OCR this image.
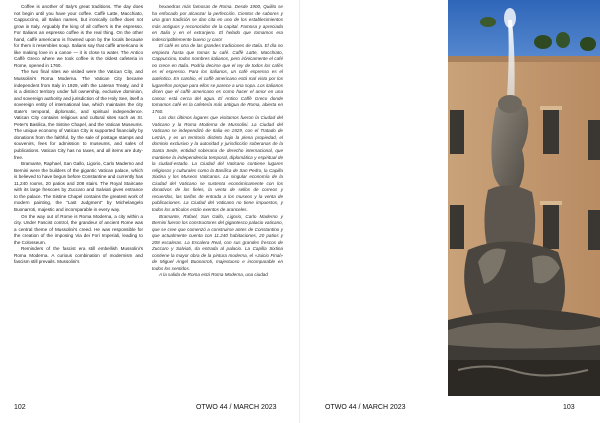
Coffee is another of Italy's great traditions. The day does not begin until you have your coffee. Caffè Latte, Macchiato, Cappuccino, all Italian names, but ironically coffee does not grow in Italy. Arguably the king of all coffee's is the espresso. For Italians an espresso coffee is the real thing. On the other hand, caffè americano is frowned upon by the locals because for them it resembles soup. Italians say that caffè americano is like making love in a canoe — it is close to water. The Antico Caffè Greco where we took coffee is the oldest cafeteria in Rome, opened in 1760.

The two final sites we visited were the Vatican City, and Mussolini's Roma Moderna. The Vatican City became independent from Italy in 1929, with the Lateran Treaty, and it is a distinct territory under full ownership, exclusive dominion, and sovereign authority and jurisdiction of the Holy See, itself a sovereign entity of international law, which maintains the city state's temporal, diplomatic, and spiritual independence. Vatican City contains religious and cultural sites such as St. Peter's Basilica, the Sistine Chapel, and the Vatican Museums. The unique economy of Vatican City is supported financially by donations from the faithful, by the sale of postage stamps and souvenirs, fees for admission to museums, and sales of publications. Vatican City has no taxes, and all items are duty-free.

Bramante, Raphael, San Gallo, Ligorio, Carlo Maderno and Bernini were the builders of the gigantic Vatican palace, which is believed to have begun before Constantine and currently has 11,240 rooms, 20 patios and 208 stairs. The Royal Staircase with its large frescoes by Zuccaro and Salviati gives entrance to the palace. The Sistine Chapel contains the greatest work of modern painting, the "Last Judgment" by Michelangelo Buonarroti, majestic and incomparable in every way.

On the way out of Rome is Roma Moderna, a city within a city. Under Fascist control, the grandeur of ancient Rome was a central theme of Mussolini's creed. He was responsible for the creation of the imposing Via dei Fori Imperiali, leading to the Colosseum.

Reminders of the fascist era still embellish Mussolini's Roma Moderna. A curious combination of modernism and fascism still prevails. Mussolini's

hexaedras más famosas de Roma. Desde 1900, Quilito se ha enfocado por alcanzar la perfección. Cientos de sabores y una gran tradición se dan cita en uno de los establecimientos más antiguos y reconocidos de la capital. Famosa y apreciada en Italia y en el extranjero. El helado que tomamos era indescriptiblemente bueno ¡y caro!

El café es otra de las grandes tradiciones de Italia. El día no empieza hasta que tomas tu café. Caffè Latte, Macchiato, Cappuccino, todos nombres italianos, pero irónicamente el café no crece en Italia. Podría decirse que el rey de todos los cafés es el espresso. Para los italianos, un café espresso es el auténtico. En cambio, el caffè americano está mal visto por los lugareños porque para ellos se parece a una sopa. Los italianos dicen que el caffè americano es como hacer el amor en una canoa: está cerca del agua. El Antico Caffè Greco donde tomamos café es la cafetería más antigua de Roma, abierta en 1760.

Los dos últimos lugares que visitamos fueron la Ciudad del Vaticano y la Roma Moderna de Mussolini. La Ciudad del Vaticano se independizó de Italia en 1929, con el Tratado de Letrán, y es un territorio distinto bajo la plena propiedad, el dominio exclusivo y la autoridad y jurisdicción soberanas de la Santa Sede, entidad soberana de derecho internacional, que mantiene la independencia temporal, diplomática y espiritual de la ciudad-estado. La Ciudad del Vaticano contiene lugares religiosos y culturales como la Basílica de San Pedro, la Capilla Sixtina y los Museos Vaticanos. La singular economía de la Ciudad del Vaticano se sustenta económicamente con los donativos de los fieles, la venta de sellos de correos y recuerdos, las tarifas de entrada a los museos y la venta de publicaciones. La Ciudad del Vaticano no tiene impuestos, y todos los artículos están exentos de aranceles.

Bramante, Rafael, San Gallo, Ligorio, Carlo Maderno y Bernini fueron los constructores del gigantesco palacio vaticano, que se cree que comenzó a construirse antes de Constantino y que actualmente cuenta con 11.240 habitaciones, 20 patios y 208 escaleras. La Escalera Real, con sus grandes frescos de Zuccaro y Salviati, da entrada al palacio. La Capilla Sixtina contiene la mayor obra de la pintura moderna, el «Juicio Final» de Miguel Ángel Buonarroti, majestuoso e incomparable en todos los sentidos.

A la salida de Roma está Roma Moderna, una ciudad

102	OTWO 44 / MARCH 2023	OTWO 44 / MARCH 2023	103
